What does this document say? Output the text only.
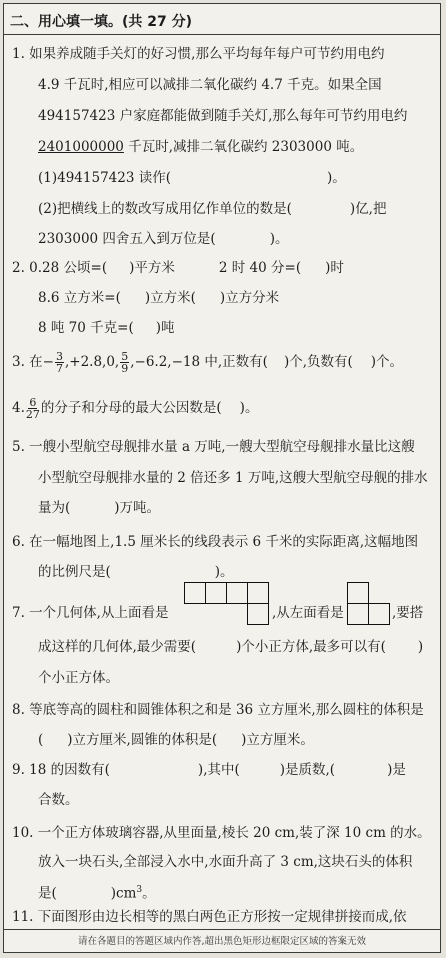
二、用心填一填。(共 27 分)
1. 如果养成随手关灯的好习惯,那么平均每年每户可节约用电约
4.9 千瓦时,相应可以减排二氧化碳约 4.7 千克。如果全国
494157423 户家庭都能做到随手关灯,那么每年可节约用电约
2401000000 千瓦时,减排二氧化碳约 2303000 吨。
(1)494157423 读作(	)。
(2)把横线上的数改写成用亿作单位的数是(	)亿,把
2303000 四舍五入到万位是(	)。
2. 0.28 公顷=( )平方米	2 时 40 分=( )时
8.6 立方米=( )立方米( )立方分米
8 吨 70 千克=( )吨
3. 在− $\frac{3}{7} ,+2.8,0$, $\frac{5}{9} ,-6.2,-18$ 中,正数有( )个,负数有( )个。
4. $\frac{6}{27}$ 的分子和分母的最大公因数是( )。
5. 一艘小型航空母舰排水量 a 万吨,一艘大型航空母舰排水量比这艘
小型航空母舰排水量的 2 倍还多 1 万吨,这艘大型航空母舰的排水
量为(	)万吨。
6. 在一幅地图上,1.5 厘米长的线段表示 6 千米的实际距离,这幅地图
的比例尺是(	)。
7. 一个几何体,从上面看是	,从左面看是	,要搭
成这样的几何体,最少需要(	)个小正方体,最多可以有( )
个小正方体。
8. 等底等高的圆柱和圆锥体积之和是 36 立方厘米,那么圆柱的体积是
( )立方厘米,圆锥的体积是( )立方厘米。
9. 18 的因数有(	),其中(	)是质数,(	)是
合数。
10. 一个正方体玻璃容器,从里面量,棱长 20 cm,装了深 10 cm 的水。
放入一块石头,全部浸入水中,水面升高了 3 cm,这块石头的体积
是(	)$cm^3$。
11. 下面图形由边长相等的黑白两色正方形按一定规律拼接而成,依
请在各题目的答题区域内作答,超出黑色矩形边框限定区域的答案无效
